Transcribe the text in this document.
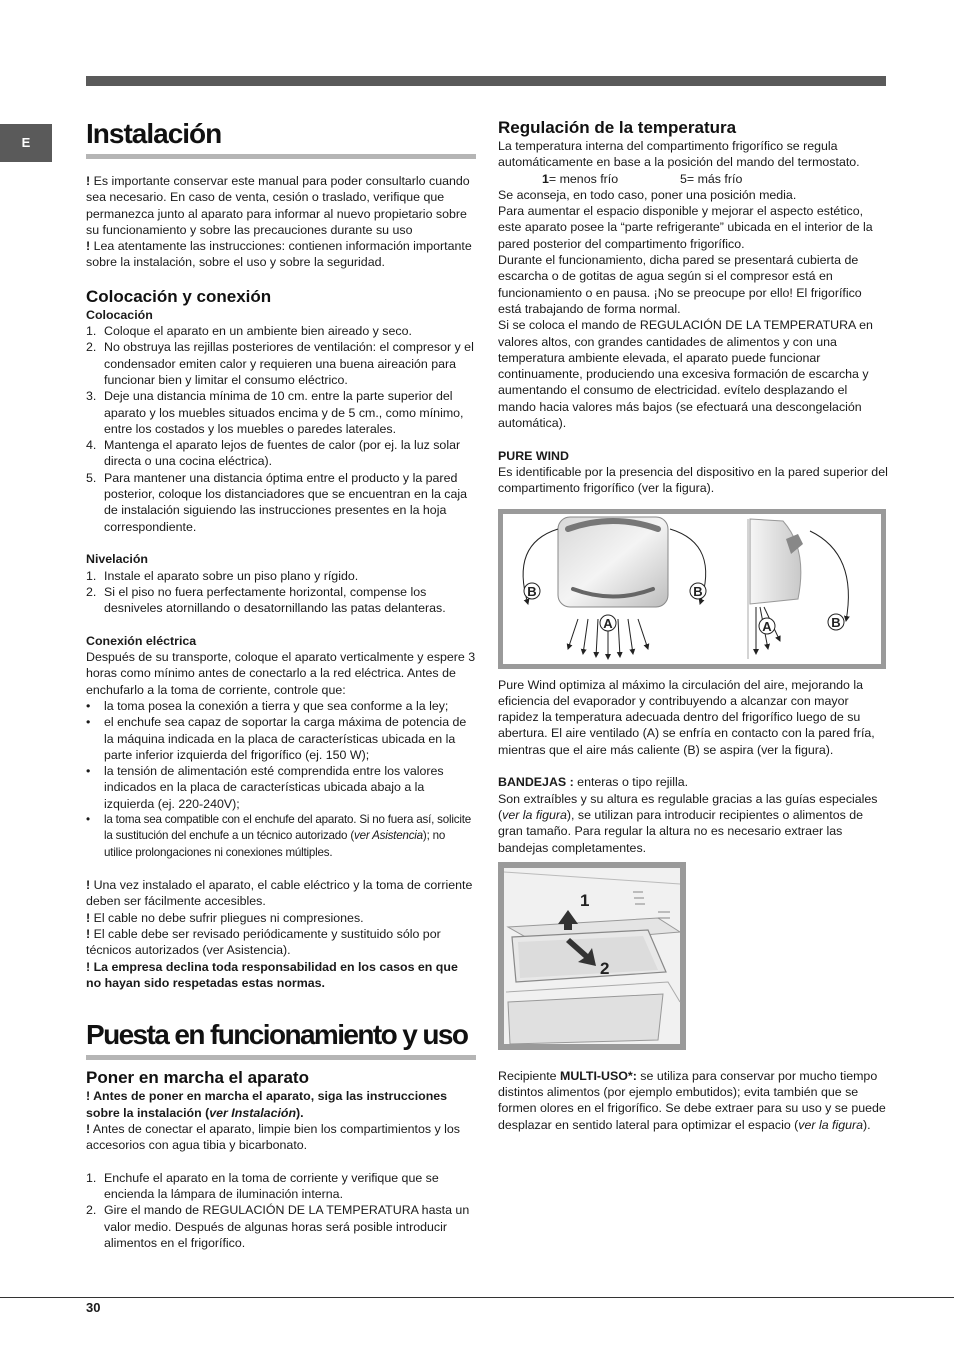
E Instalación

! Es importante conservar este manual para poder consultarlo cuando sea necesario. En caso de venta, cesión o traslado, verifique que permanezca junto al aparato para informar al nuevo propietario sobre su funcionamiento y sobre las precauciones durante su uso

! Lea atentamente las instrucciones: contienen información importante sobre la instalación, sobre el uso y sobre la seguridad.

Colocación y conexión
Colocación
1. Coloque el aparato en un ambiente bien aireado y seco.
2. No obstruya las rejillas posteriores de ventilación: el compresor y el condensador emiten calor y requieren una buena aireación para funcionar bien y limitar el consumo eléctrico.
3. Deje una distancia mínima de 10 cm. entre la parte superior del aparato y los muebles situados encima y de 5 cm., como mínimo, entre los costados y los muebles o paredes laterales.
4. Mantenga el aparato lejos de fuentes de calor (por ej. la luz solar directa o una cocina eléctrica).
5. Para mantener una distancia óptima entre el producto y la pared posterior, coloque los distanciadores que se encuentran en la caja de instalación siguiendo las instrucciones presentes en la hoja correspondiente.
Nivelación
1. Instale el aparato sobre un piso plano y rígido.
2. Si el piso no fuera perfectamente horizontal, compense los desniveles atornillando o desatornillando las patas delanteras.
Conexión eléctrica

Después de su transporte, coloque el aparato verticalmente y espere 3 horas como mínimo antes de conectarlo a la red eléctrica. Antes de enchufarlo a la toma de corriente, controle que:

• la toma posea la conexión a tierra y que sea conforme a la ley;
• el enchufe sea capaz de soportar la carga máxima de potencia de la máquina indicada en la placa de características ubicada en la parte inferior izquierda del frigorífico (ej. 150 W);
• la tensión de alimentación esté comprendida entre los valores indicados en la placa de características ubicada abajo a la izquierda (ej. 220-240V);
• la toma sea compatible con el enchufe del aparato. Si no fuera así, solicite la sustitución del enchufe a un técnico autorizado (ver Asistencia); no utilice prolongaciones ni conexiones múltiples.

! Una vez instalado el aparato, el cable eléctrico y la toma de corriente deben ser fácilmente accesibles.

! El cable no debe sufrir pliegues ni compresiones.

! El cable debe ser revisado periódicamente y sustituido sólo por técnicos autorizados (ver Asistencia).

! La empresa declina toda responsabilidad en los casos en que no hayan sido respetadas estas normas.

Puesta en funcionamiento y uso
Poner en marcha el aparato

! Antes de poner en marcha el aparato, siga las instrucciones sobre la instalación (ver Instalación).

! Antes de conectar el aparato, limpie bien los compartimientos y los accesorios con agua tibia y bicarbonato.

1. Enchufe el aparato en la toma de corriente y verifique que se encienda la lámpara de iluminación interna.
2. Gire el mando de REGULACIÓN DE LA TEMPERATURA hasta un valor medio. Después de algunas horas será posible introducir alimentos en el frigorífico.
Regulación de la temperatura

La temperatura interna del compartimento frigorífico se regula automáticamente en base a la posición del mando del termostato.

1= menos frío	5= más frío

Se aconseja, en todo caso, poner una posición media.

Para aumentar el espacio disponible y mejorar el aspecto estético, este aparato posee la “parte refrigerante” ubicada en el interior de la pared posterior del compartimento frigorífico.

Durante el funcionamiento, dicha pared se presentará cubierta de escarcha o de gotitas de agua según si el compresor está en funcionamiento o en pausa. ¡No se preocupe por ello! El frigorífico está trabajando de forma normal.

Si se coloca el mando de REGULACIÓN DE LA TEMPERATURA en valores altos, con grandes cantidades de alimentos y con una temperatura ambiente elevada, el aparato puede funcionar continuamente, produciendo una excesiva formación de escarcha y aumentando el consumo de electricidad. evítelo desplazando el mando hacia valores más bajos (se efectuará una descongelación automática).

PURE WIND

Es identificable por la presencia del dispositivo en la pared superior del compartimento frigorífico (ver la figura).

B	B
A	A	B

Pure Wind optimiza al máximo la circulación del aire, mejorando la eficiencia del evaporador y contribuyendo a alcanzar con mayor rapidez la temperatura adecuada dentro del frigorífico luego de su abertura. El aire ventilado (A) se enfría en contacto con la pared fría, mientras que el aire más caliente (B) se aspira (ver la figura).

BANDEJAS : enteras o tipo rejilla.

Son extraíbles y su altura es regulable gracias a las guías especiales (ver la figura), se utilizan para introducir recipientes o alimentos de gran tamaño. Para regular la altura no es necesario extraer las bandejas completamentes.

1
2

Recipiente MULTI-USO*: se utiliza para conservar por mucho tiempo distintos alimentos (por ejemplo embutidos); evita también que se formen olores en el frigorífico. Se debe extraer para su uso y se puede desplazar en sentido lateral para optimizar el espacio (ver la figura).

30
